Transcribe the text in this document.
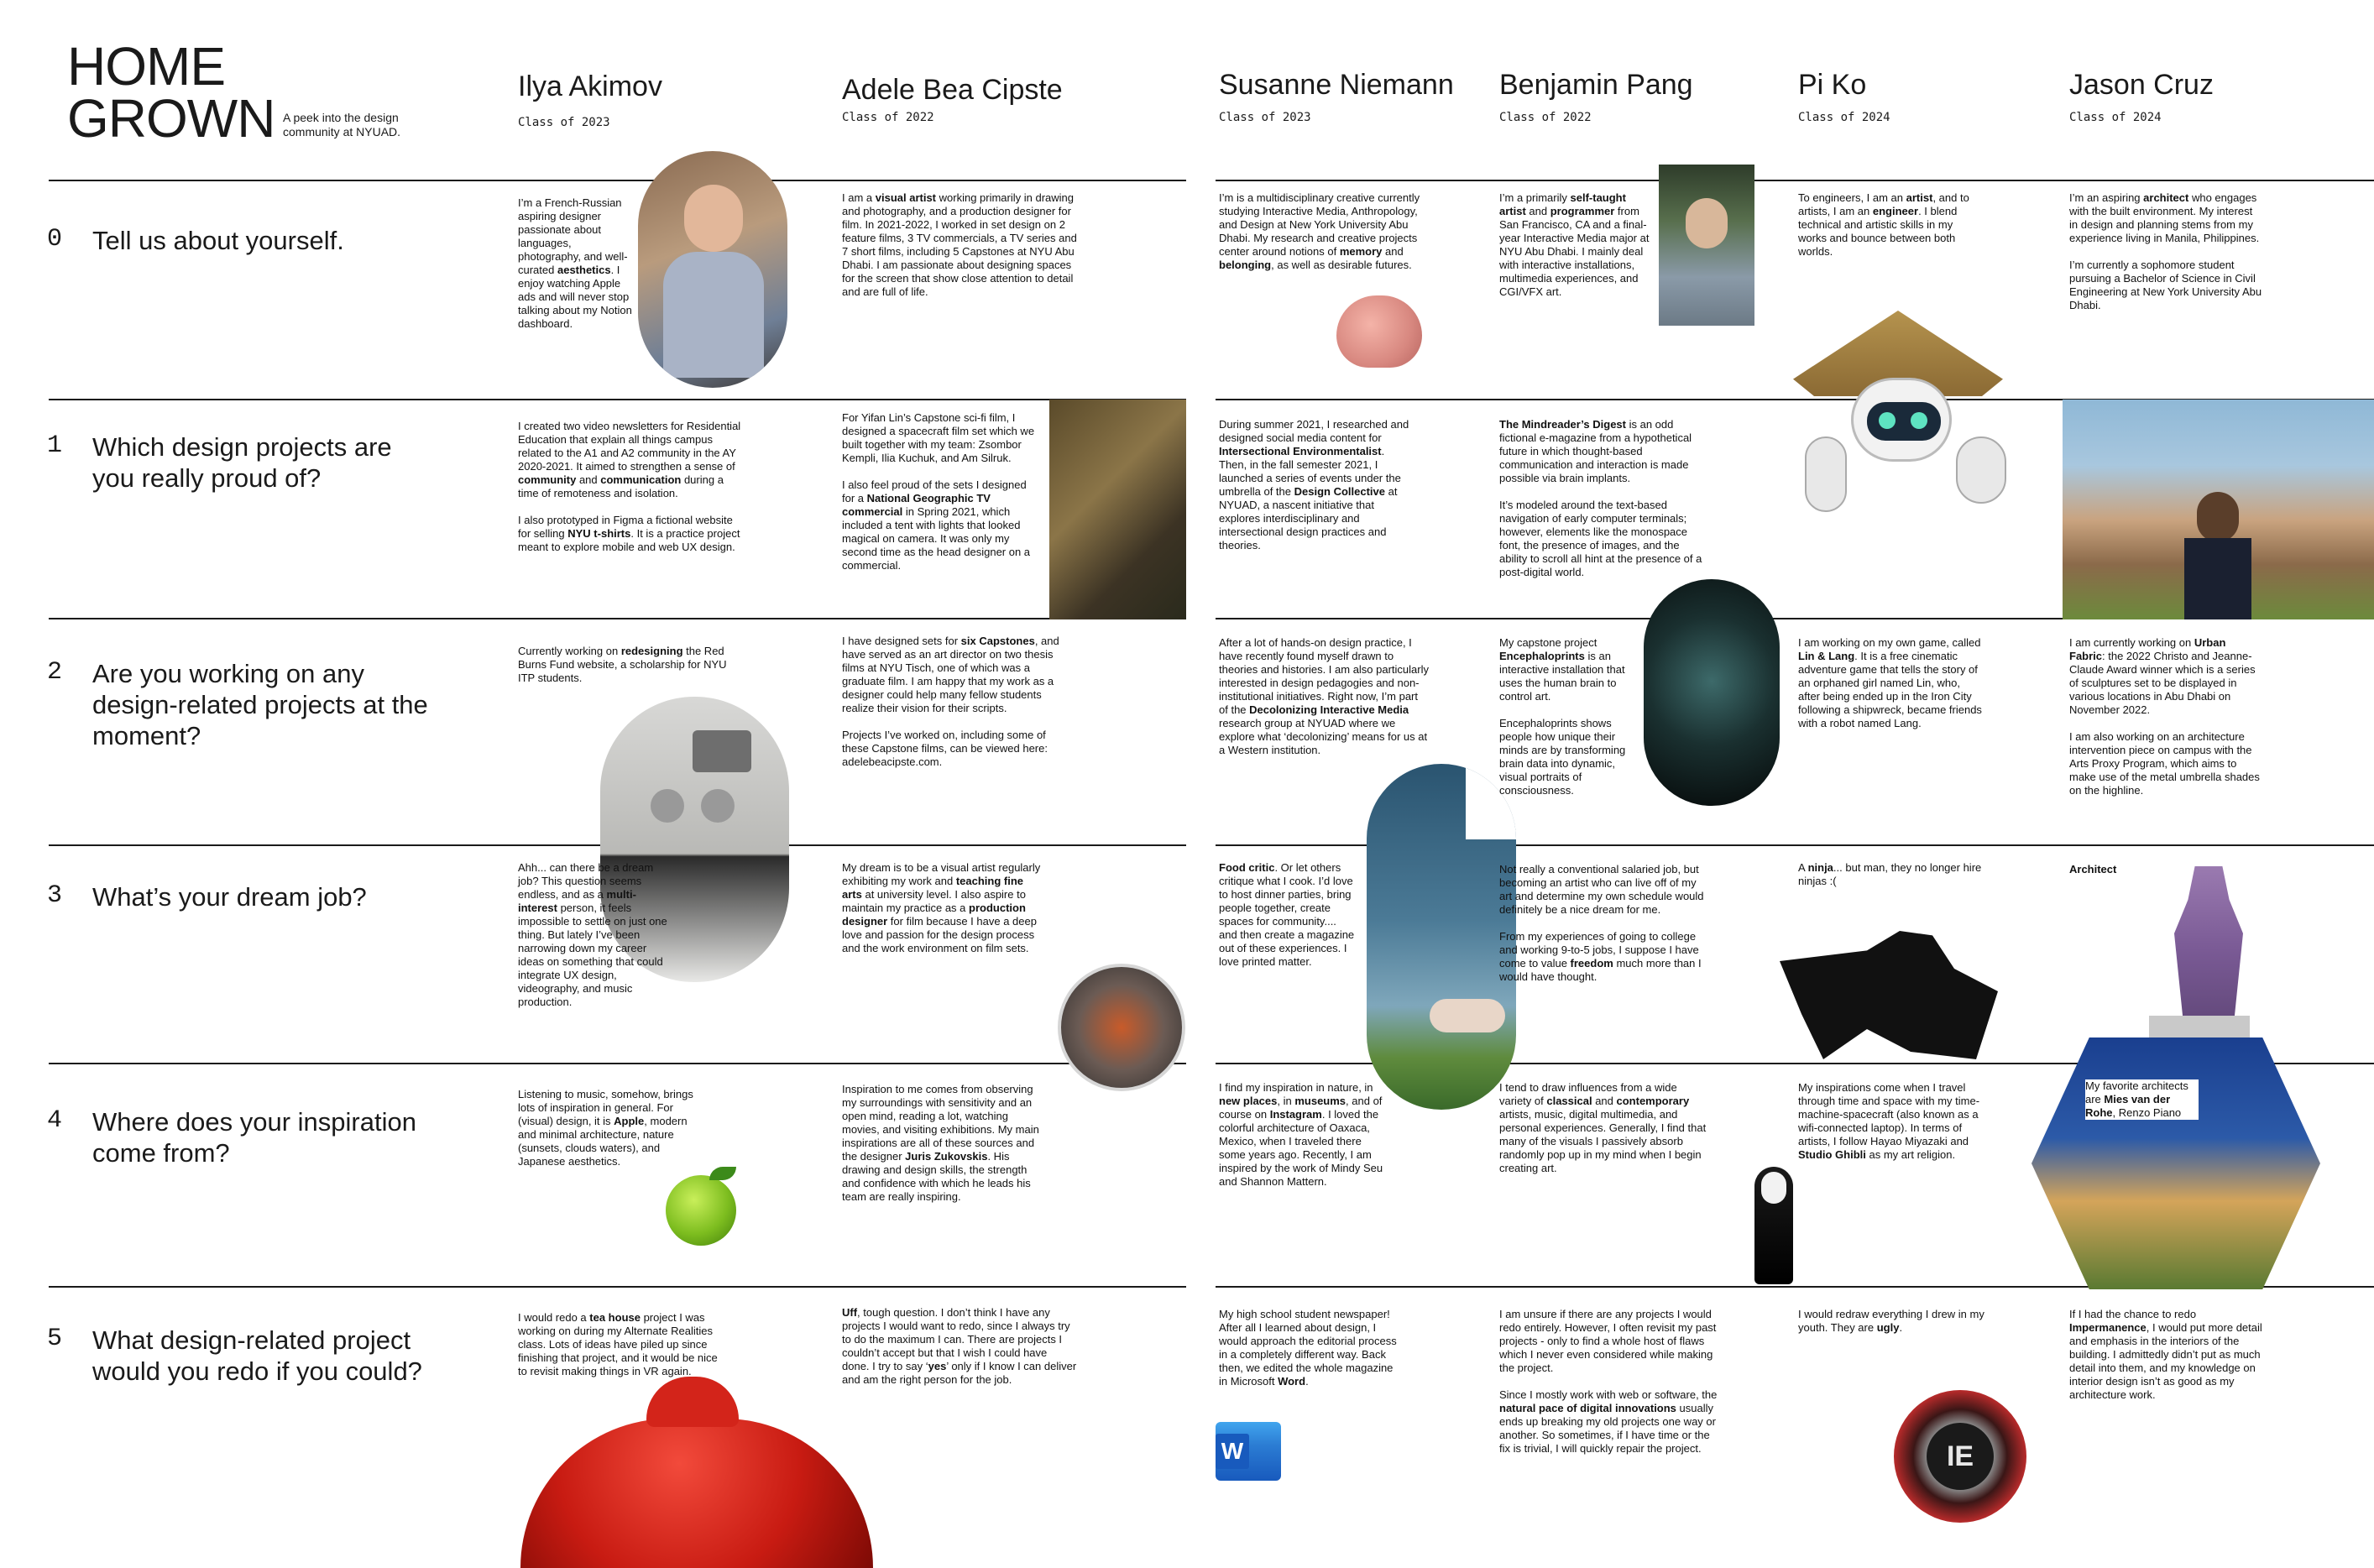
HOME
GROWN A peek into the design community at NYUAD.
Ilya Akimov
Class of 2023
Adele Bea Cipste
Class of 2022
Susanne Niemann
Class of 2023
Benjamin Pang
Class of 2022
Pi Ko
Class of 2024
Jason Cruz
Class of 2024
0 Tell us about yourself.
1 Which design projects are you really proud of?
2 Are you working on any design-related projects at the moment?
3 What’s your dream job?
4 Where does your inspiration come from?
5 What design-related project would you redo if you could?
W	IE
I’m a French-Russian aspiring designer passionate about languages, photography, and well-curated aesthetics. I enjoy watching Apple ads and will never stop talking about my Notion dashboard.
I am a visual artist working primarily in drawing and photography, and a production designer for film. In 2021-2022, I worked in set design on 2 feature films, 3 TV commercials, a TV series and 7 short films, including 5 Capstones at NYU Abu Dhabi. I am passionate about designing spaces for the screen that show close attention to detail and are full of life.
I’m is a multidisciplinary creative currently studying Interactive Media, Anthropology, and Design at New York University Abu Dhabi. My research and creative projects center around notions of memory and belonging, as well as desirable futures.
I’m a primarily self-taught artist and programmer from San Francisco, CA and a final-year Interactive Media major at NYU Abu Dhabi. I mainly deal with interactive installations, multimedia experiences, and CGI/VFX art.
To engineers, I am an artist, and to artists, I am an engineer. I blend technical and artistic skills in my works and bounce between both worlds.

I’m an aspiring architect who engages with the built environment. My interest in design and planning stems from my experience living in Manila, Philippines.

I’m currently a sophomore student pursuing a Bachelor of Science in Civil Engineering at New York University Abu Dhabi.

I created two video newsletters for Residential Education that explain all things campus related to the A1 and A2 community in the AY 2020-2021. It aimed to strengthen a sense of community and communication during a time of remoteness and isolation.

I also prototyped in Figma a fictional website for selling NYU t-shirts. It is a practice project meant to explore mobile and web UX design.

For Yifan Lin’s Capstone sci-fi film, I designed a spacecraft film set which we built together with my team: Zsombor Kempli, Ilia Kuchuk, and Am Silruk.

I also feel proud of the sets I designed for a National Geographic TV commercial in Spring 2021, which included a tent with lights that looked magical on camera. It was only my second time as the head designer on a commercial.

During summer 2021, I researched and designed social media content for Intersectional Environmentalist. Then, in the fall semester 2021, I launched a series of events under the umbrella of the Design Collective at NYUAD, a nascent initiative that explores interdisciplinary and intersectional design practices and theories.

The Mindreader’s Digest is an odd fictional e-magazine from a hypothetical future in which thought-based communication and interaction is made possible via brain implants.

It’s modeled around the text-based navigation of early computer terminals; however, elements like the monospace font, the presence of images, and the ability to scroll all hint at the presence of a post-digital world.

Currently working on redesigning the Red Burns Fund website, a scholarship for NYU ITP students.

I have designed sets for six Capstones, and have served as an art director on two thesis films at NYU Tisch, one of which was a graduate film. I am happy that my work as a designer could help many fellow students realize their vision for their scripts.

Projects I’ve worked on, including some of these Capstone films, can be viewed here: adelebeacipste.com.

After a lot of hands-on design practice, I have recently found myself drawn to theories and histories. I am also particularly interested in design pedagogies and non-institutional initiatives. Right now, I’m part of the Decolonizing Interactive Media research group at NYUAD where we explore what ‘decolonizing’ means for us at a Western institution.

My capstone project Encephaloprints is an interactive installation that uses the human brain to control art.

Encephaloprints shows people how unique their minds are by transforming brain data into dynamic, visual portraits of consciousness.

I am working on my own game, called Lin & Lang. It is a free cinematic adventure game that tells the story of an orphaned girl named Lin, who, after being ended up in the Iron City following a shipwreck, became friends with a robot named Lang.

I am currently working on Urban Fabric: the 2022 Christo and Jeanne-Claude Award winner which is a series of sculptures set to be displayed in various locations in Abu Dhabi on November 2022.

I am also working on an architecture intervention piece on campus with the Arts Proxy Program, which aims to make use of the metal umbrella shades on the highline.

Ahh... can there be a dream job? This question seems endless, and as a multi-interest person, it feels impossible to settle on just one thing. But lately I’ve been narrowing down my career ideas on something that could integrate UX design, videography, and music production.
My dream is to be a visual artist regularly exhibiting my work and teaching fine arts at university level. I also aspire to maintain my practice as a production designer for film because I have a deep love and passion for the design process and the work environment on film sets.
Food critic. Or let others critique what I cook. I’d love to host dinner parties, bring people together, create spaces for community.... and then create a magazine out of these experiences. I love printed matter.

Not really a conventional salaried job, but becoming an artist who can live off of my art and determine my own schedule would definitely be a nice dream for me.

From my experiences of going to college and working 9-to-5 jobs, I suppose I have come to value freedom much more than I would have thought.

A ninja... but man, they no longer hire ninjas :(
Architect
Listening to music, somehow, brings lots of inspiration in general. For (visual) design, it is Apple, modern and minimal architecture, nature (sunsets, clouds waters), and Japanese aesthetics.
Inspiration to me comes from observing my surroundings with sensitivity and an open mind, reading a lot, watching movies, and visiting exhibitions. My main inspirations are all of these sources and the designer Juris Zukovskis. His drawing and design skills, the strength and confidence with which he leads his team are really inspiring.
I find my inspiration in nature, in new places, in museums, and of course on Instagram. I loved the colorful architecture of Oaxaca, Mexico, when I traveled there some years ago. Recently, I am inspired by the work of Mindy Seu and Shannon Mattern.
I tend to draw influences from a wide variety of classical and contemporary artists, music, digital multimedia, and personal experiences. Generally, I find that many of the visuals I passively absorb randomly pop up in my mind when I begin creating art.
My inspirations come when I travel through time and space with my time-machine-spacecraft (also known as a wifi-connected laptop). In terms of artists, I follow Hayao Miyazaki and Studio Ghibli as my art religion.
My favorite architects are Mies van der Rohe, Renzo Piano
I would redo a tea house project I was working on during my Alternate Realities class. Lots of ideas have piled up since finishing that project, and it would be nice to revisit making things in VR again.
Uff, tough question. I don’t think I have any projects I would want to redo, since I always try to do the maximum I can. There are projects I couldn’t accept but that I wish I could have done. I try to say ‘yes’ only if I know I can deliver and am the right person for the job.
My high school student newspaper! After all I learned about design, I would approach the editorial process in a completely different way. Back then, we edited the whole magazine in Microsoft Word.

I am unsure if there are any projects I would redo entirely. However, I often revisit my past projects - only to find a whole host of flaws which I never even considered while making the project.

Since I mostly work with web or software, the natural pace of digital innovations usually ends up breaking my old projects one way or another. So sometimes, if I have time or the fix is trivial, I will quickly repair the project.

I would redraw everything I drew in my youth. They are ugly.
If I had the chance to redo Impermanence, I would put more detail and emphasis in the interiors of the building. I admittedly didn’t put as much detail into them, and my knowledge on interior design isn’t as good as my architecture work.
